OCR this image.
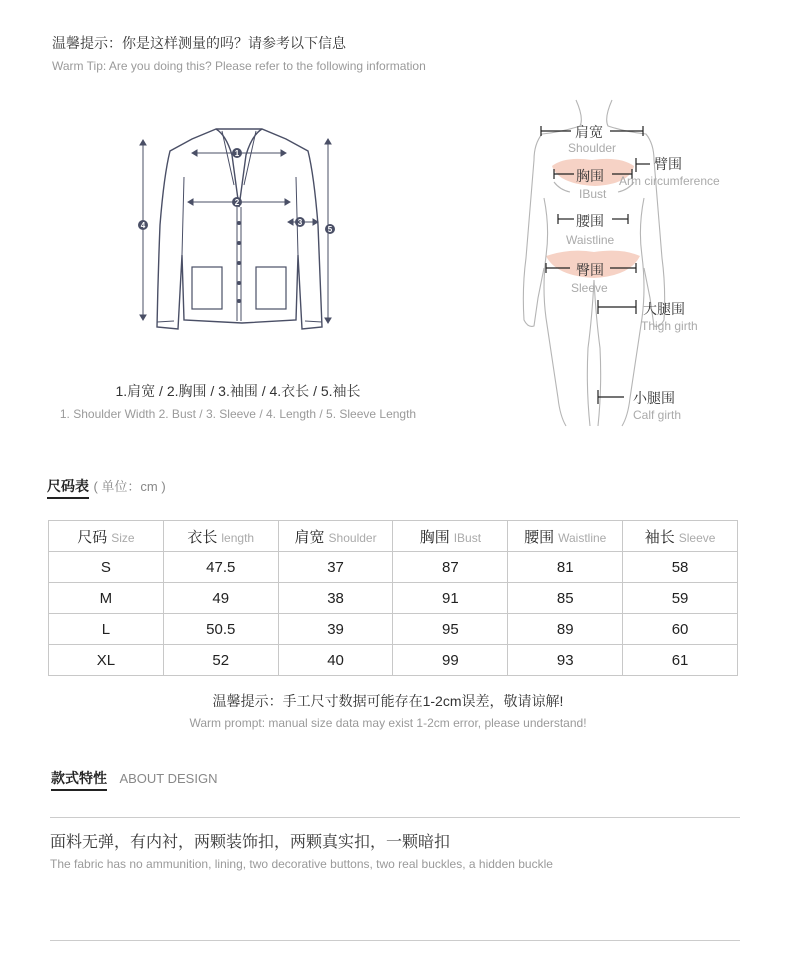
温馨提示：你是这样测量的吗？请参考以下信息
Warm Tip: Are you doing this? Please refer to the following information
1
2
3
4	5
1.肩宽 / 2.胸围 / 3.袖围 / 4.衣长 / 5.袖长
1. Shoulder Width 2. Bust / 3. Sleeve / 4. Length / 5. Sleeve Length
肩宽
Shoulder
胸围
IBust
臂围
Arm circumference
腰围
Waistline
臀围
Sleeve
大腿围
Thigh girth
小腿围
Calf girth
尺码表 ( 单位：cm )
尺码 Size	衣长 length	肩宽 Shoulder	胸围 IBust	腰围 Waistline	袖长 Sleeve
S	47.5	37	87	81	58
M	49	38	91	85	59
L	50.5	39	95	89	60
XL	52	40	99	93	61
温馨提示：手工尺寸数据可能存在1-2cm误差，敬请谅解!
Warm prompt: manual size data may exist 1-2cm error, please understand!
款式特性 ABOUT DESIGN
面料无弹，有内衬，两颗装饰扣，两颗真实扣，一颗暗扣
The fabric has no ammunition, lining, two decorative buttons, two real buckles, a hidden buckle
